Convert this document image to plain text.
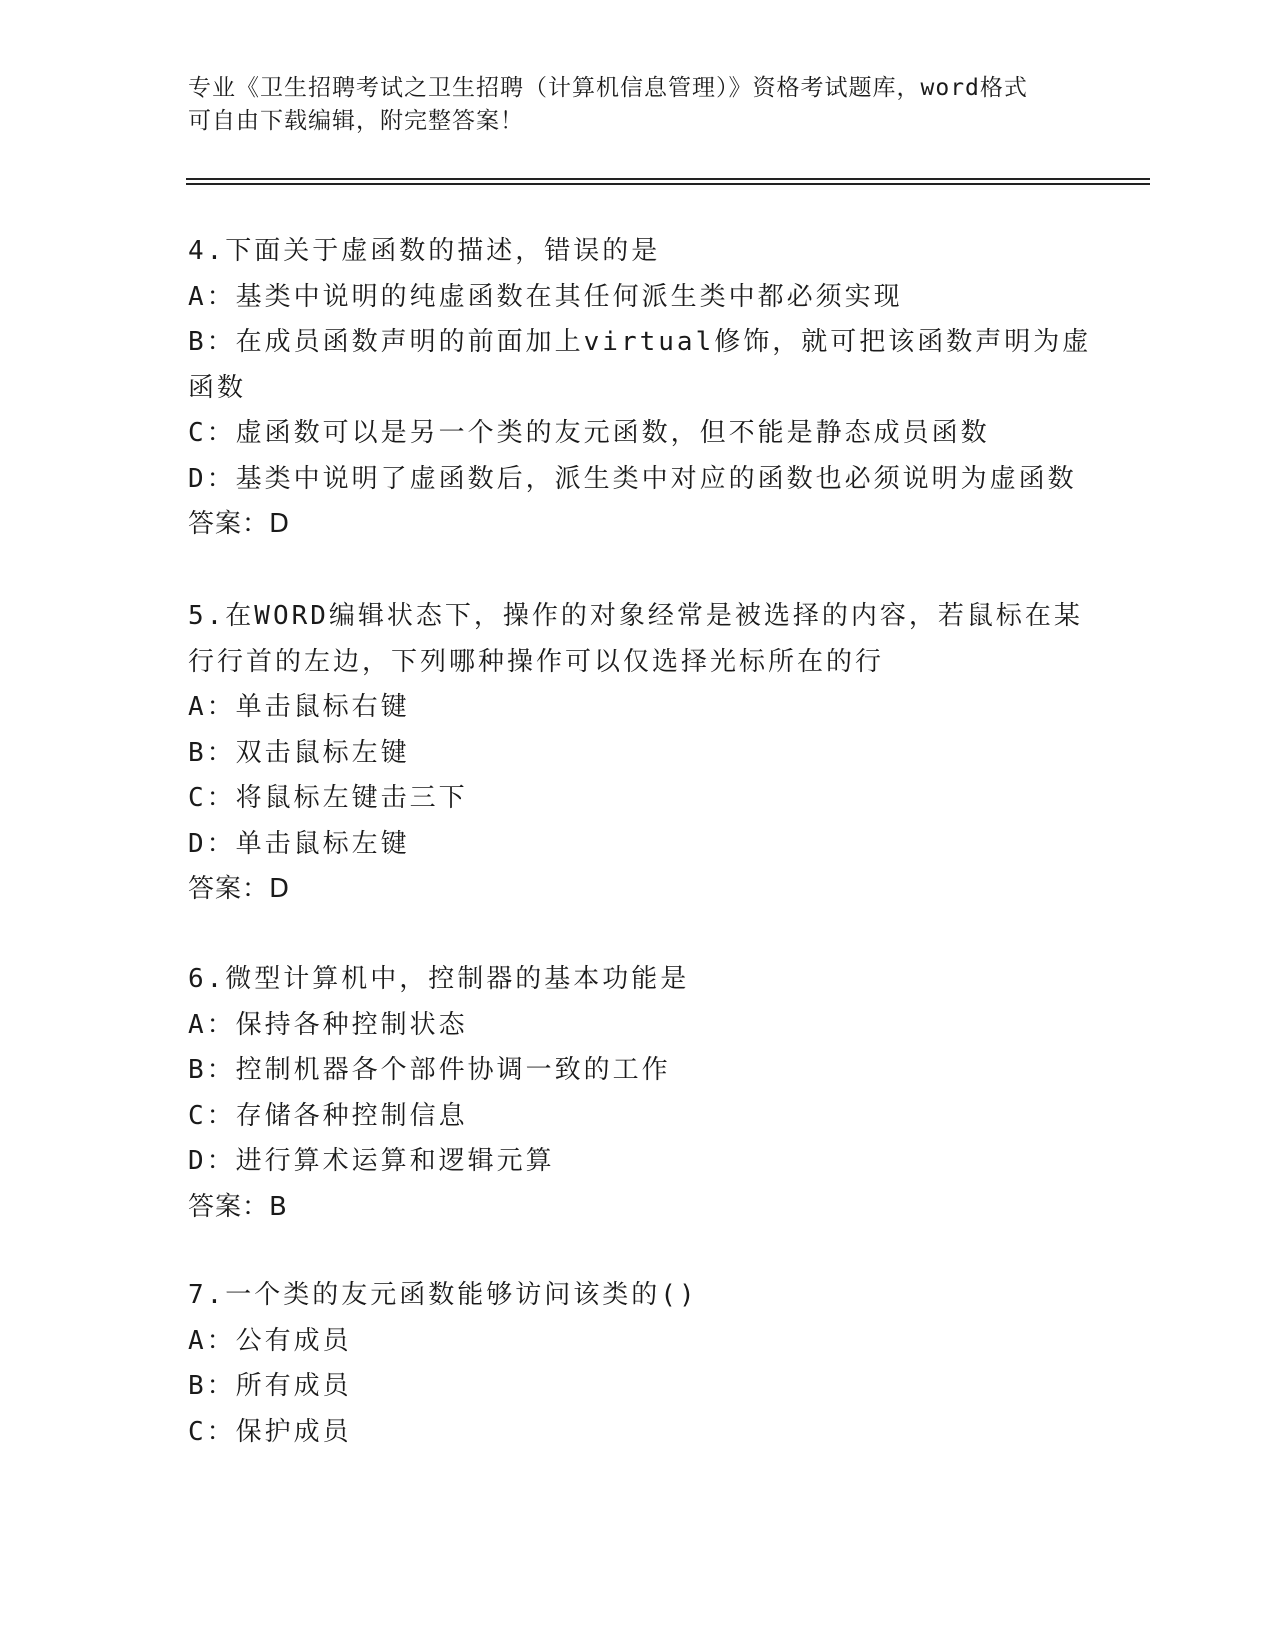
专业《卫生招聘考试之卫生招聘（计算机信息管理）》资格考试题库，word格式
可自由下载编辑，附完整答案！
4.下面关于虚函数的描述，错误的是
A：基类中说明的纯虚函数在其任何派生类中都必须实现
B：在成员函数声明的前面加上virtual修饰，就可把该函数声明为虚
函数
C：虚函数可以是另一个类的友元函数，但不能是静态成员函数
D：基类中说明了虚函数后，派生类中对应的函数也必须说明为虚函数
答案：D
5.在WORD编辑状态下，操作的对象经常是被选择的内容，若鼠标在某
行行首的左边，下列哪种操作可以仅选择光标所在的行
A：单击鼠标右键
B：双击鼠标左键
C：将鼠标左键击三下
D：单击鼠标左键
答案：D
6.微型计算机中，控制器的基本功能是
A：保持各种控制状态
B：控制机器各个部件协调一致的工作
C：存储各种控制信息
D：进行算术运算和逻辑元算
答案：B
7.一个类的友元函数能够访问该类的()
A：公有成员
B：所有成员
C：保护成员
